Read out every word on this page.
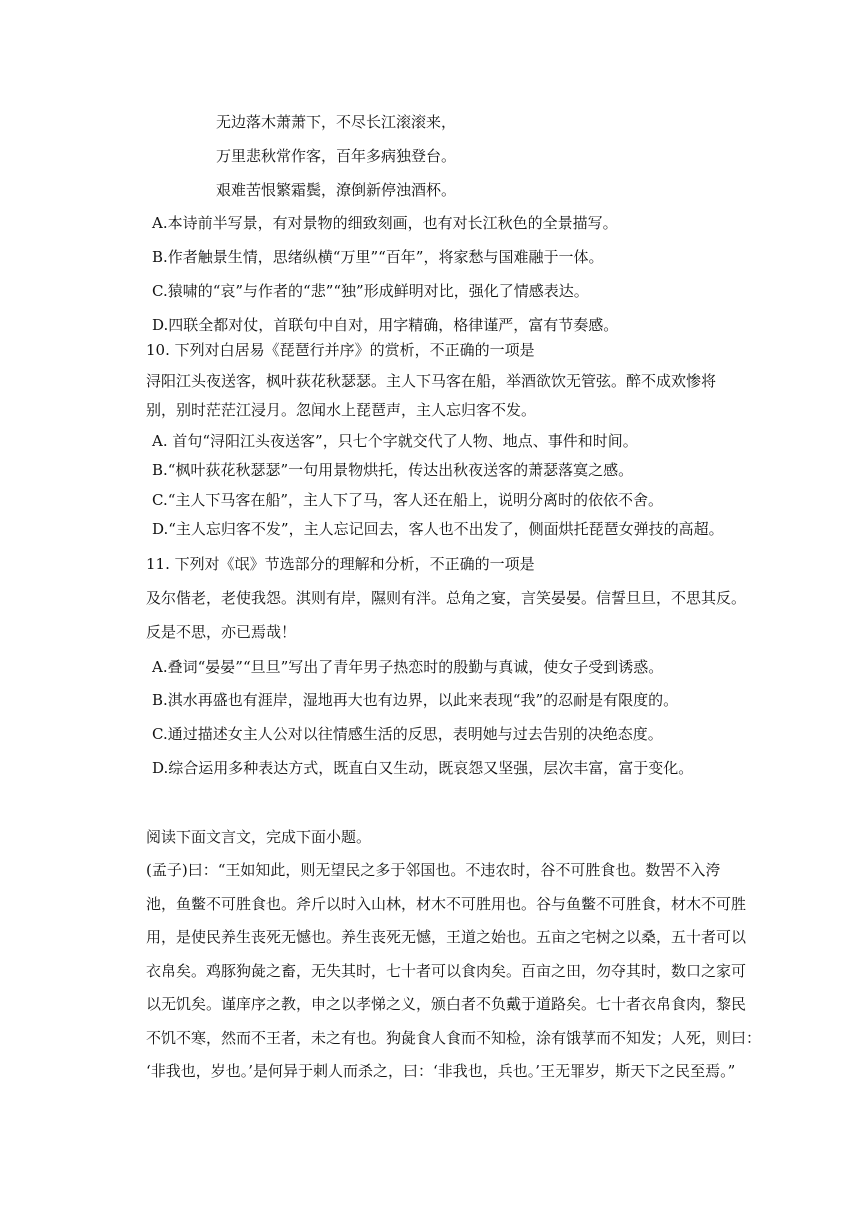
无边落木萧萧下，不尽长江滚滚来，
万里悲秋常作客，百年多病独登台。
艰难苦恨繁霜鬓，潦倒新停浊酒杯。
A.本诗前半写景，有对景物的细致刻画，也有对长江秋色的全景描写。
B.作者触景生情，思绪纵横“万里”“百年”，将家愁与国难融于一体。
C.猿啸的“哀”与作者的“悲”“独”形成鲜明对比，强化了情感表达。
D.四联全都对仗，首联句中自对，用字精确，格律谨严，富有节奏感。
10. 下列对白居易《琵琶行并序》的赏析，不正确的一项是
浔阳江头夜送客，枫叶荻花秋瑟瑟。主人下马客在船，举酒欲饮无管弦。醉不成欢惨将
别，别时茫茫江浸月。忽闻水上琵琶声，主人忘归客不发。
A. 首句“浔阳江头夜送客”，只七个字就交代了人物、地点、事件和时间。
B.“枫叶荻花秋瑟瑟”一句用景物烘托，传达出秋夜送客的萧瑟落寞之感。
C.“主人下马客在船”，主人下了马，客人还在船上，说明分离时的依依不舍。
D.“主人忘归客不发”，主人忘记回去，客人也不出发了，侧面烘托琵琶女弹技的高超。
11. 下列对《氓》节选部分的理解和分析，不正确的一项是
及尔偕老，老使我怨。淇则有岸，隰则有泮。总角之宴，言笑晏晏。信誓旦旦，不思其反。
反是不思，亦已焉哉！
A.叠词“晏晏”“旦旦”写出了青年男子热恋时的殷勤与真诚，使女子受到诱惑。
B.淇水再盛也有涯岸，湿地再大也有边界，以此来表现“我”的忍耐是有限度的。
C.通过描述女主人公对以往情感生活的反思，表明她与过去告别的决绝态度。
D.综合运用多种表达方式，既直白又生动，既哀怨又坚强，层次丰富，富于变化。
阅读下面文言文，完成下面小题。
(孟子)曰：“王如知此，则无望民之多于邻国也。不违农时，谷不可胜食也。数罟不入洿
池，鱼鳖不可胜食也。斧斤以时入山林，材木不可胜用也。谷与鱼鳖不可胜食，材木不可胜
用，是使民养生丧死无憾也。养生丧死无憾，王道之始也。五亩之宅树之以桑，五十者可以
衣帛矣。鸡豚狗彘之畜，无失其时，七十者可以食肉矣。百亩之田，勿夺其时，数口之家可
以无饥矣。谨庠序之教，申之以孝悌之义，颁白者不负戴于道路矣。七十者衣帛食肉，黎民
不饥不寒，然而不王者，未之有也。狗彘食人食而不知检，涂有饿莩而不知发；人死，则曰：
‘非我也，岁也。’是何异于刺人而杀之，曰：‘非我也，兵也。’王无罪岁，斯天下之民至焉。”
